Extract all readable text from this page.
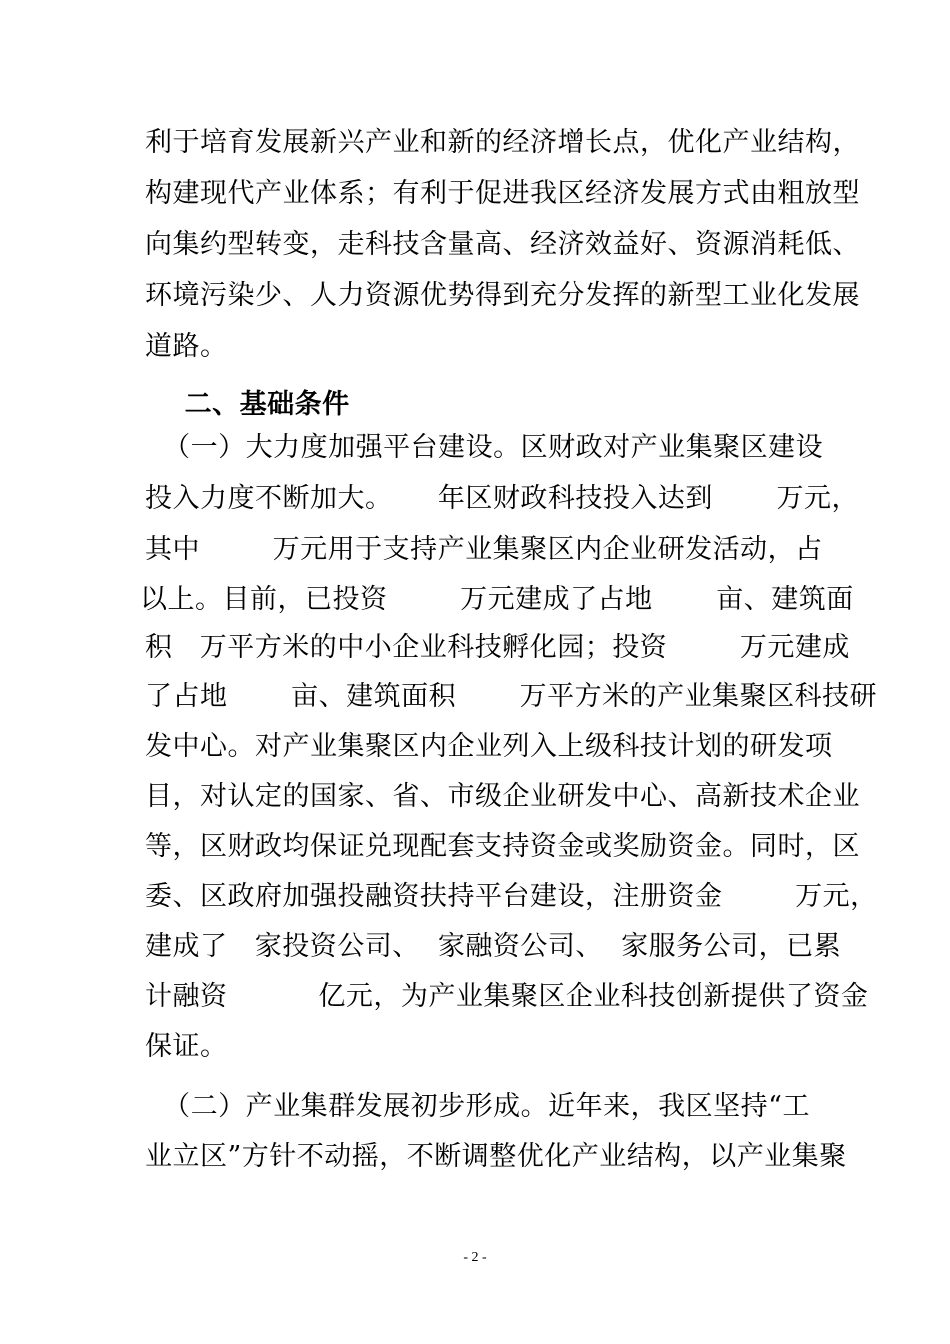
利于培育发展新兴产业和新的经济增长点，优化产业结构，
构建现代产业体系；有利于促进我区经济发展方式由粗放型
向集约型转变，走科技含量高、经济效益好、资源消耗低、
环境污染少、人力资源优势得到充分发挥的新型工业化发展
道路。
二、基础条件
（一）大力度加强平台建设。区财政对产业集聚区建设
投入力度不断加大。     年区财政科技投入达到       万元，
其中        万元用于支持产业集聚区内企业研发活动，占
以上。目前，已投资        万元建成了占地       亩、建筑面
积   万平方米的中小企业科技孵化园；投资        万元建成
了占地       亩、建筑面积       万平方米的产业集聚区科技研
发中心。对产业集聚区内企业列入上级科技计划的研发项
目，对认定的国家、省、市级企业研发中心、高新技术企业
等，区财政均保证兑现配套支持资金或奖励资金。同时，区
委、区政府加强投融资扶持平台建设，注册资金        万元，
建成了   家投资公司、  家融资公司、  家服务公司，已累
计融资          亿元，为产业集聚区企业科技创新提供了资金
保证。
（二）产业集群发展初步形成。近年来，我区坚持“工
业立区”方针不动摇，不断调整优化产业结构，以产业集聚
- 2 -
